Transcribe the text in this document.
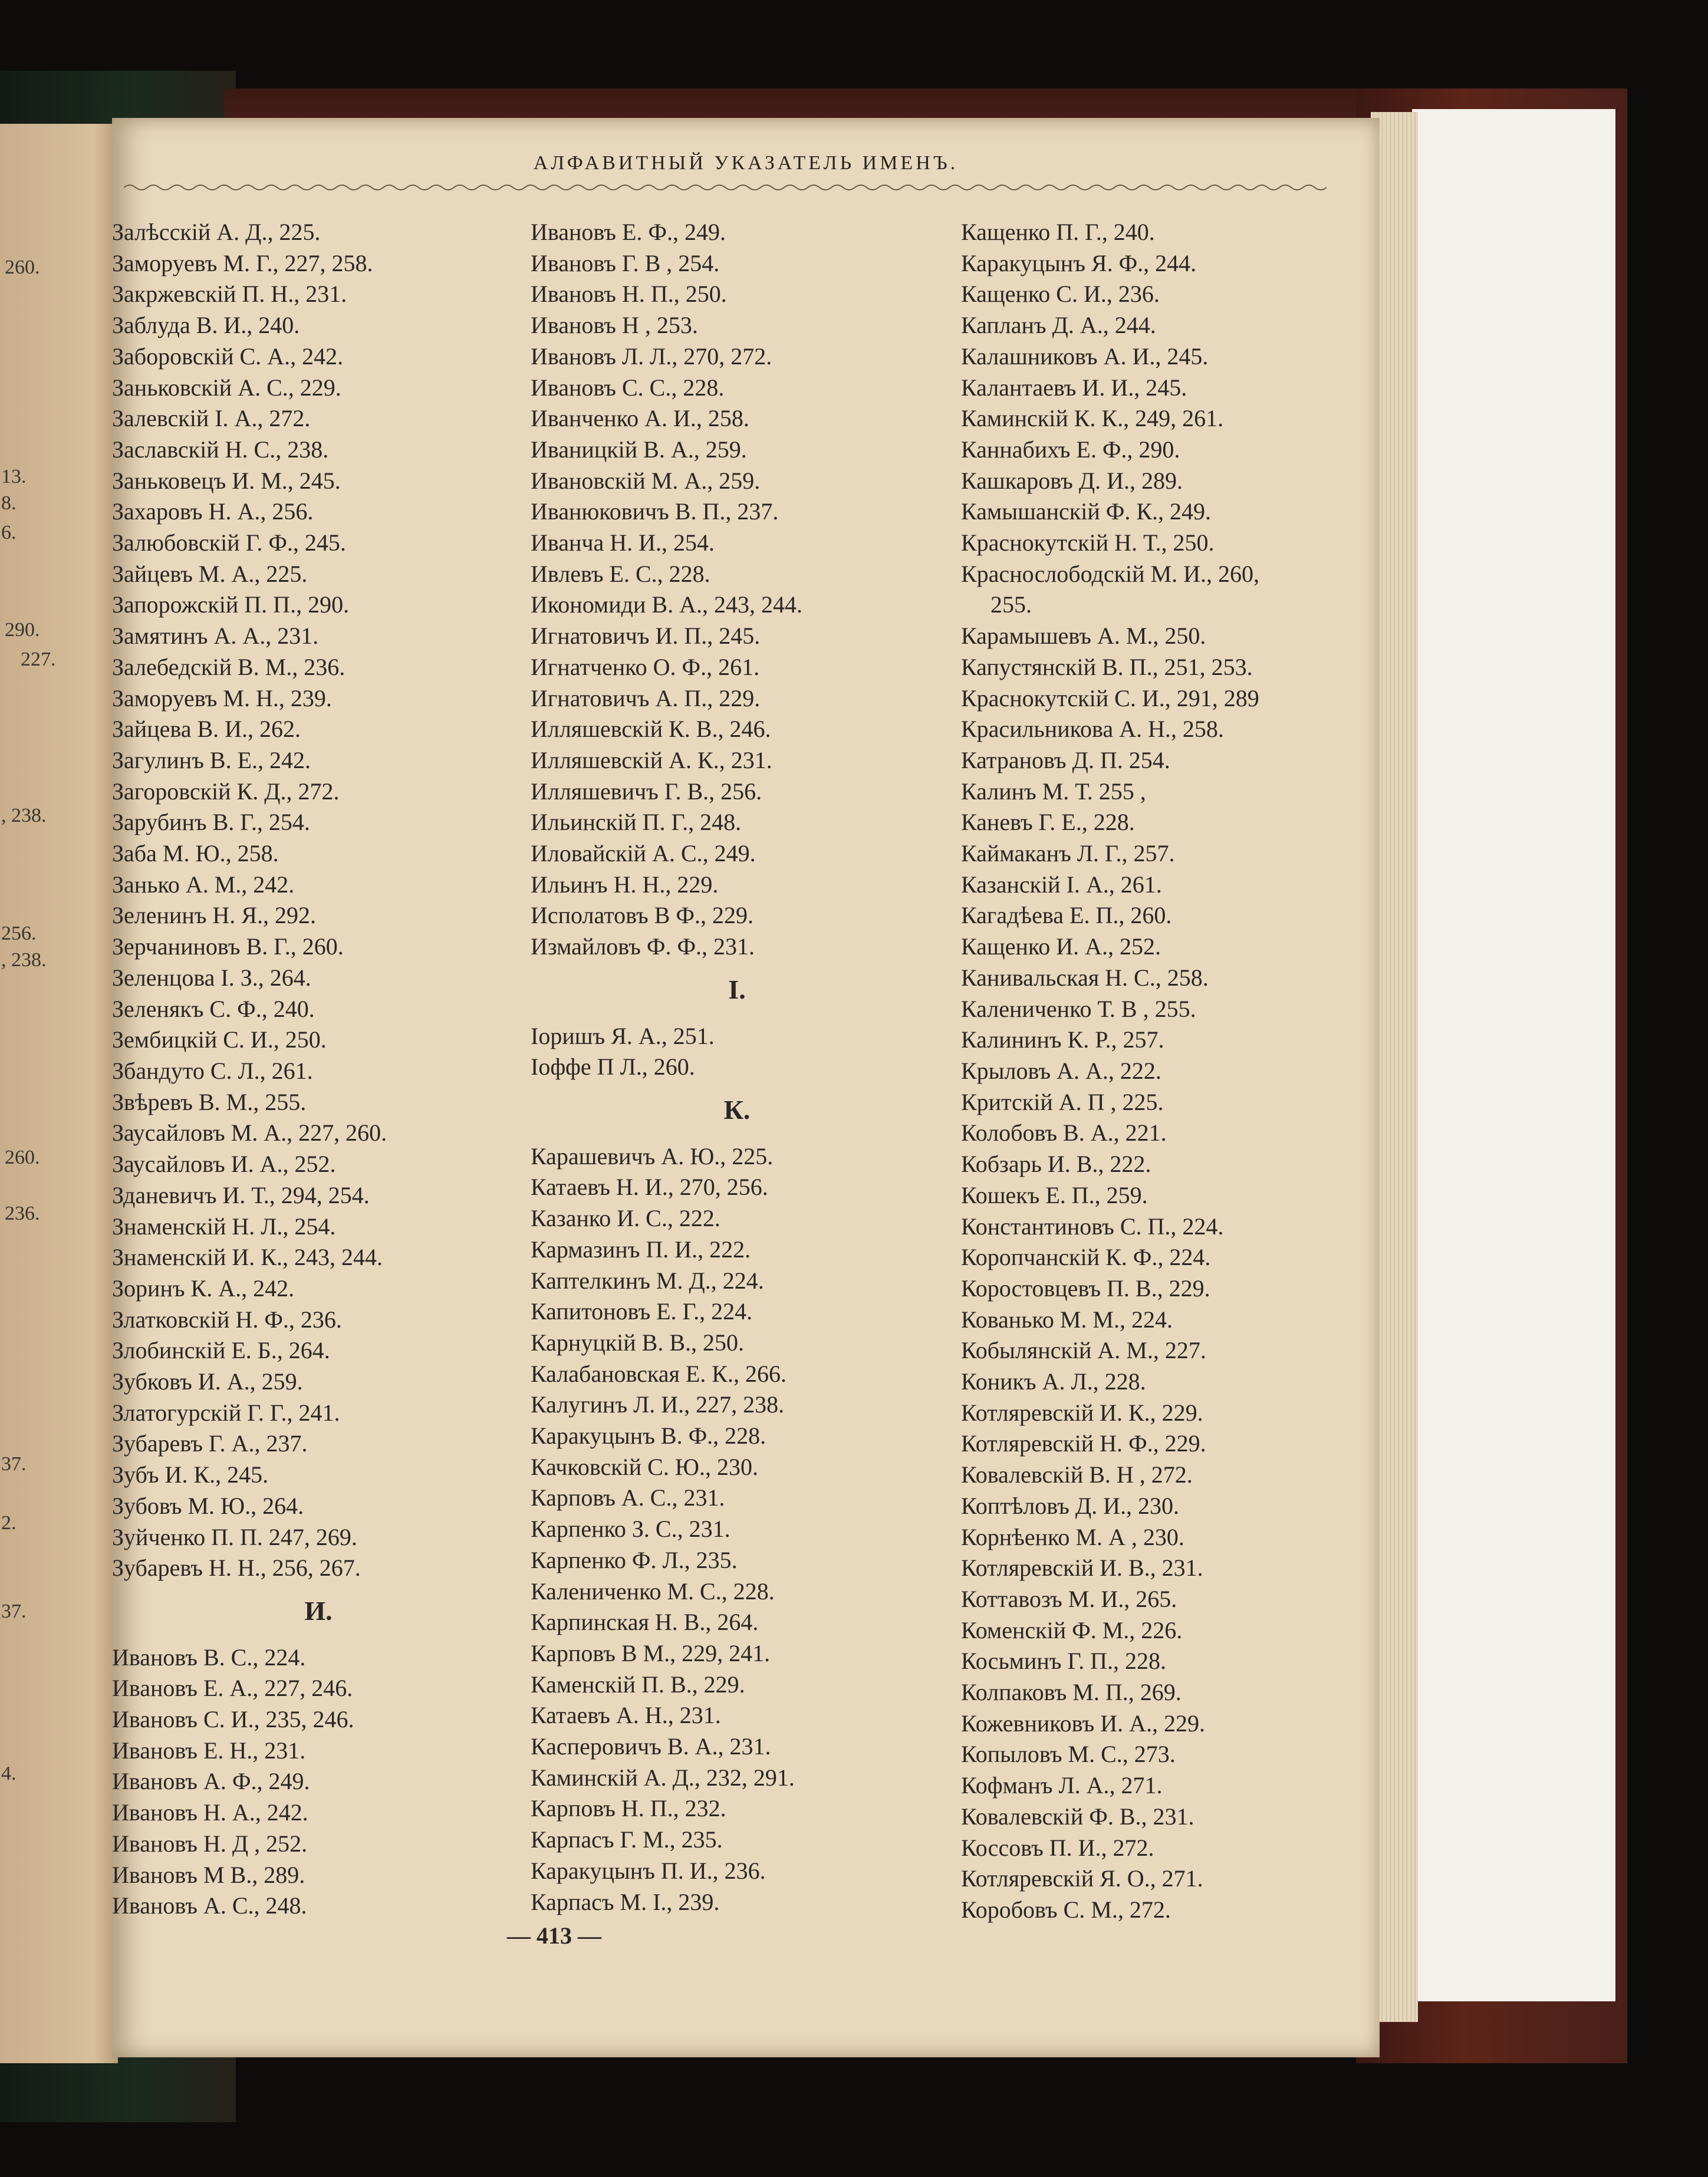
260.
13.
8.
6.
290.
227.
, 238.
256.
, 238.
260.
236.
37.
2.
37.
4.
АЛФАВИТНЫЙ УКАЗАТЕЛЬ ИМЕНЪ.
Залѣсскій А. Д., 225.
Заморуевъ М. Г., 227, 258.
Закржевскій П. Н., 231.
Заблуда В. И., 240.
Заборовскій С. А., 242.
Заньковскій А. С., 229.
Залевскій І. А., 272.
Заславскій Н. С., 238.
Заньковецъ И. М., 245.
Захаровъ Н. А., 256.
Залюбовскій Г. Ф., 245.
Зайцевъ М. А., 225.
Запорожскій П. П., 290.
Замятинъ А. А., 231.
Залебедскій В. М., 236.
Заморуевъ М. Н., 239.
Зайцева В. И., 262.
Загулинъ В. Е., 242.
Загоровскій К. Д., 272.
Зарубинъ В. Г., 254.
Заба М. Ю., 258.
Занько А. М., 242.
Зелeнинъ Н. Я., 292.
Зерчаниновъ В. Г., 260.
Зеленцова І. З., 264.
Зеленякъ С. Ф., 240.
Зембицкій С. И., 250.
Збандуто С. Л., 261.
Звѣревъ В. М., 255.
Заусайловъ М. А., 227, 260.
Заусайловъ И. А., 252.
Зданевичъ И. Т., 294, 254.
Знаменскій Н. Л., 254.
Знаменскій И. К., 243, 244.
Зоринъ К. А., 242.
Златковскій Н. Ф., 236.
Злобинскій Е. Б., 264.
Зубковъ И. А., 259.
Златогурскій Г. Г., 241.
Зубаревъ Г. А., 237.
Зубъ И. К., 245.
Зубовъ М. Ю., 264.
Зуйченко П. П. 247, 269.
Зубаревъ Н. Н., 256, 267.
И.
Ивановъ В. С., 224.
Ивановъ Е. А., 227, 246.
Ивановъ С. И., 235, 246.
Ивановъ Е. Н., 231.
Ивановъ А. Ф., 249.
Ивановъ Н. А., 242.
Ивановъ Н. Д , 252.
Ивановъ М В., 289.
Ивановъ А. С., 248.
Ивановъ Е. Ф., 249.
Ивановъ Г. В , 254.
Ивановъ Н. П., 250.
Ивановъ Н , 253.
Ивановъ Л. Л., 270, 272.
Ивановъ С. С., 228.
Иванченко А. И., 258.
Иваницкій В. А., 259.
Ивановскій М. А., 259.
Иванюковичъ В. П., 237.
Иванча Н. И., 254.
Ивлевъ Е. С., 228.
Икономиди В. А., 243, 244.
Игнатовичъ И. П., 245.
Игнатченко О. Ф., 261.
Игнатовичъ А. П., 229.
Илляшевскій К. В., 246.
Илляшевскій А. К., 231.
Илляшевичъ Г. В., 256.
Ильинскій П. Г., 248.
Иловайскій А. С., 249.
Ильинъ Н. Н., 229.
Исполатовъ В Ф., 229.
Измайловъ Ф. Ф., 231.
І.
Іоришъ Я. А., 251.
Іоффе П Л., 260.
К.
Карашевичъ А. Ю., 225.
Катаевъ Н. И., 270, 256.
Казанко И. С., 222.
Кармазинъ П. И., 222.
Каптелкинъ М. Д., 224.
Капитоновъ Е. Г., 224.
Карнуцкій В. В., 250.
Калабановская Е. К., 266.
Калугинъ Л. И., 227, 238.
Каракуцынъ В. Ф., 228.
Качковскій С. Ю., 230.
Карповъ А. С., 231.
Карпенко З. С., 231.
Карпенко Ф. Л., 235.
Калениченко М. С., 228.
Карпинская Н. В., 264.
Карповъ В М., 229, 241.
Каменскій П. В., 229.
Катаевъ А. Н., 231.
Касперовичъ В. А., 231.
Каминскій А. Д., 232, 291.
Карповъ Н. П., 232.
Карпасъ Г. М., 235.
Каракуцынъ П. И., 236.
Карпасъ М. І., 239.
Кащенко П. Г., 240.
Каракуцынъ Я. Ф., 244.
Кащенко С. И., 236.
Капланъ Д. А., 244.
Калашниковъ А. И., 245.
Калантаевъ И. И., 245.
Каминскій К. К., 249, 261.
Каннабихъ Е. Ф., 290.
Кашкаровъ Д. И., 289.
Камышанскій Ф. К., 249.
Краснокутскій Н. Т., 250.
Краснослободскій М. И., 260,
255.
Карамышевъ А. М., 250.
Капустянскій В. П., 251, 253.
Краснокутскій С. И., 291, 289
Красильникова А. Н., 258.
Катрановъ Д. П. 254.
Калинъ М. Т. 255 ,
Каневъ Г. Е., 228.
Каймаканъ Л. Г., 257.
Казанскій І. А., 261.
Кагадѣева Е. П., 260.
Кащенко И. А., 252.
Канивальская Н. С., 258.
Калениченко Т. В , 255.
Калининъ К. Р., 257.
Крыловъ А. А., 222.
Критскій А. П , 225.
Колобовъ В. А., 221.
Кобзарь И. В., 222.
Кошекъ Е. П., 259.
Константиновъ С. П., 224.
Коропчанскій К. Ф., 224.
Коростовцевъ П. В., 229.
Кованько М. М., 224.
Кобылянскій А. М., 227.
Коникъ А. Л., 228.
Котляревскій И. К., 229.
Котляревскій Н. Ф., 229.
Ковалевскій В. Н , 272.
Коптѣловъ Д. И., 230.
Корнѣенко М. А , 230.
Котляревскій И. В., 231.
Коттавозъ М. И., 265.
Коменскій Ф. М., 226.
Косьминъ Г. П., 228.
Колпаковъ М. П., 269.
Кожевниковъ И. А., 229.
Копыловъ М. С., 273.
Кофманъ Л. А., 271.
Ковалевскій Ф. В., 231.
Коссовъ П. И., 272.
Котляревскій Я. О., 271.
Коробовъ С. М., 272.
— 413 —
